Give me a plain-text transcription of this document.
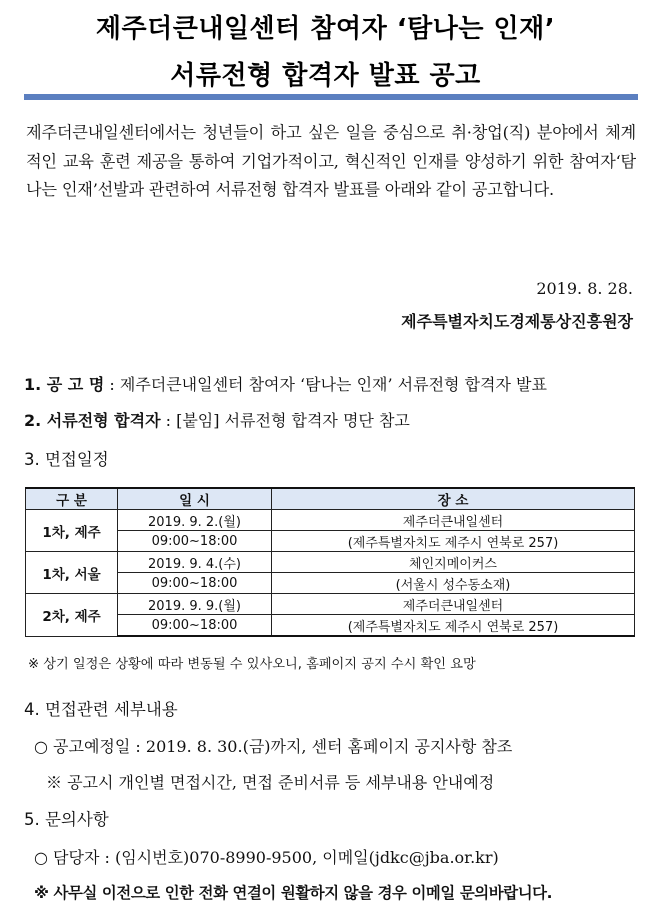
제주더큰내일센터 참여자 ‘탐나는 인재’
서류전형 합격자 발표 공고
제주더큰내일센터에서는 청년들이 하고 싶은 일을 중심으로 취·창업(직) 분야에서 체계적인 교육 훈련 제공을 통하여 기업가적이고, 혁신적인 인재를 양성하기 위한 참여자‘탐나는 인재’선발과 관련하여 서류전형 합격자 발표를 아래와 같이 공고합니다.
2019. 8. 28.
제주특별자치도경제통상진흥원장
1. 공 고 명 : 제주더큰내일센터 참여자 ‘탐나는 인재’ 서류전형 합격자 발표
2. 서류전형 합격자 : [붙임] 서류전형 합격자 명단 참고
3. 면접일정
구 분	일 시	장 소
1차, 제주	2019. 9. 2.(월)	제주더큰내일센터
	09:00~18:00	(제주특별자치도 제주시 연북로 257)
1차, 서울	2019. 9. 4.(수)	체인지메이커스
	09:00~18:00	(서울시 성수동소재)
2차, 제주	2019. 9. 9.(월)	제주더큰내일센터
	09:00~18:00	(제주특별자치도 제주시 연북로 257)
※ 상기 일정은 상황에 따라 변동될 수 있사오니, 홈페이지 공지 수시 확인 요망
4. 면접관련 세부내용
○ 공고예정일 : 2019. 8. 30.(금)까지, 센터 홈페이지 공지사항 참조
※ 공고시 개인별 면접시간, 면접 준비서류 등 세부내용 안내예정
5. 문의사항
○ 담당자 : (임시번호)070-8990-9500, 이메일(jdkc@jba.or.kr)
※ 사무실 이전으로 인한 전화 연결이 원활하지 않을 경우 이메일 문의바랍니다.
